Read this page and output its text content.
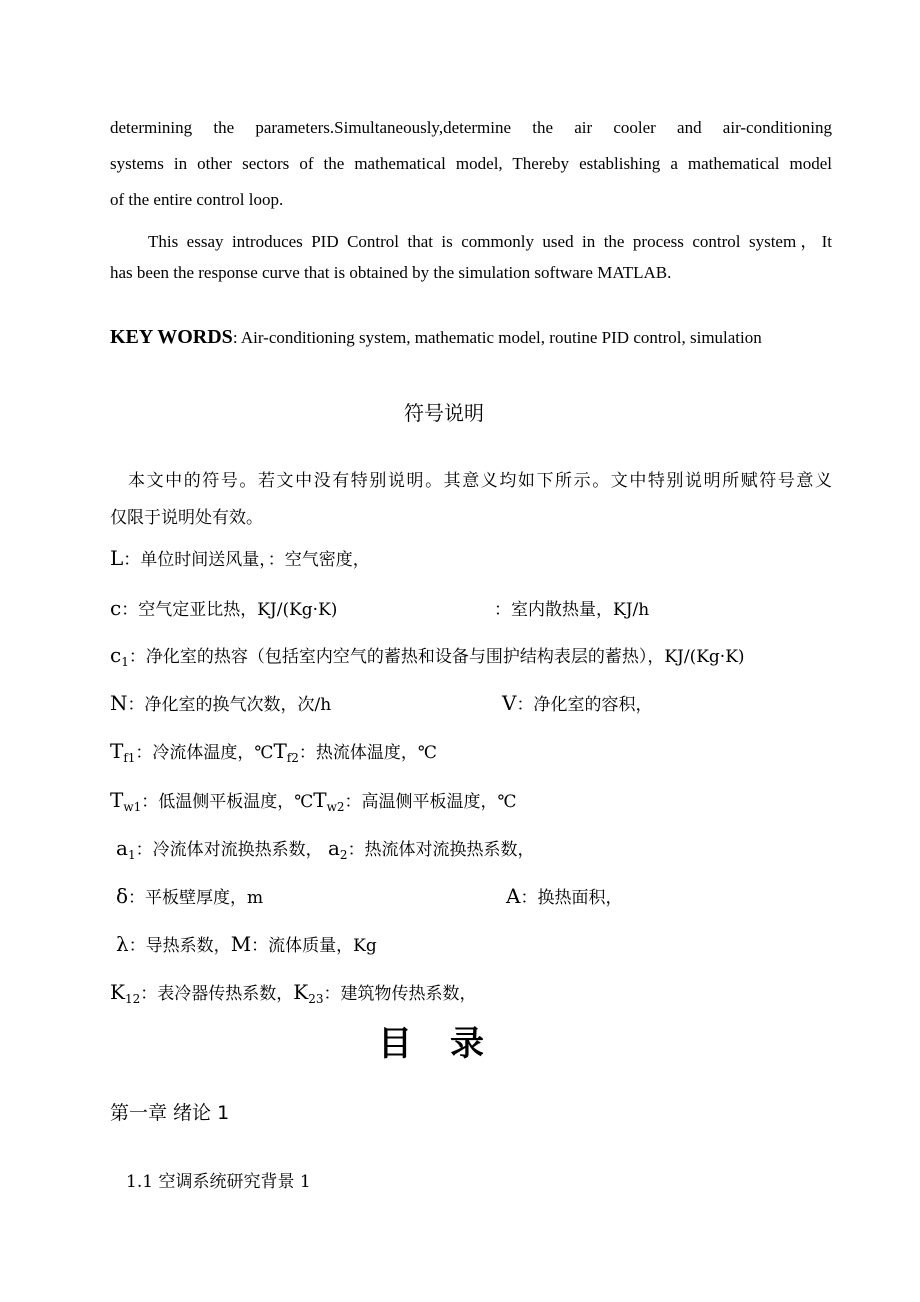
determining the parameters.Simultaneously,determine the air cooler and air-conditioning
systems in other sectors of the mathematical model, Thereby establishing a mathematical model
of the entire control loop.
This essay introduces PID Control that is commonly used in the process control system，It
has been the response curve that is obtained by the simulation software MATLAB.
KEY WORDS: Air-conditioning system, mathematic model, routine PID control, simulation
符号说明
本文中的符号。若文中没有特别说明。其意义均如下所示。文中特别说明所赋符号意义
仅限于说明处有效。
L：单位时间送风量，：空气密度，
c：空气定亚比热，KJ/(Kg·K)	：室内散热量，KJ/h
$c_1$：净化室的热容（包括室内空气的蓄热和设备与围护结构表层的蓄热），KJ/(Kg·K)
N：净化室的换气次数，次/h	V：净化室的容积，
$T_{f1}$：冷流体温度，$℃T_{f2}$：热流体温度，℃
$T_{w1}$：低温侧平板温度，$℃T_{w2}$：高温侧平板温度，℃
$a_1$：冷流体对流换热系数， $a_2$：热流体对流换热系数，
δ：平板壁厚度，m	A：换热面积，
λ：导热系数，M：流体质量，Kg
$K_{12}$：表冷器传热系数，$K_{23}$：建筑物传热系数，
目录
第一章 绪论 1
1.1 空调系统研究背景 1
